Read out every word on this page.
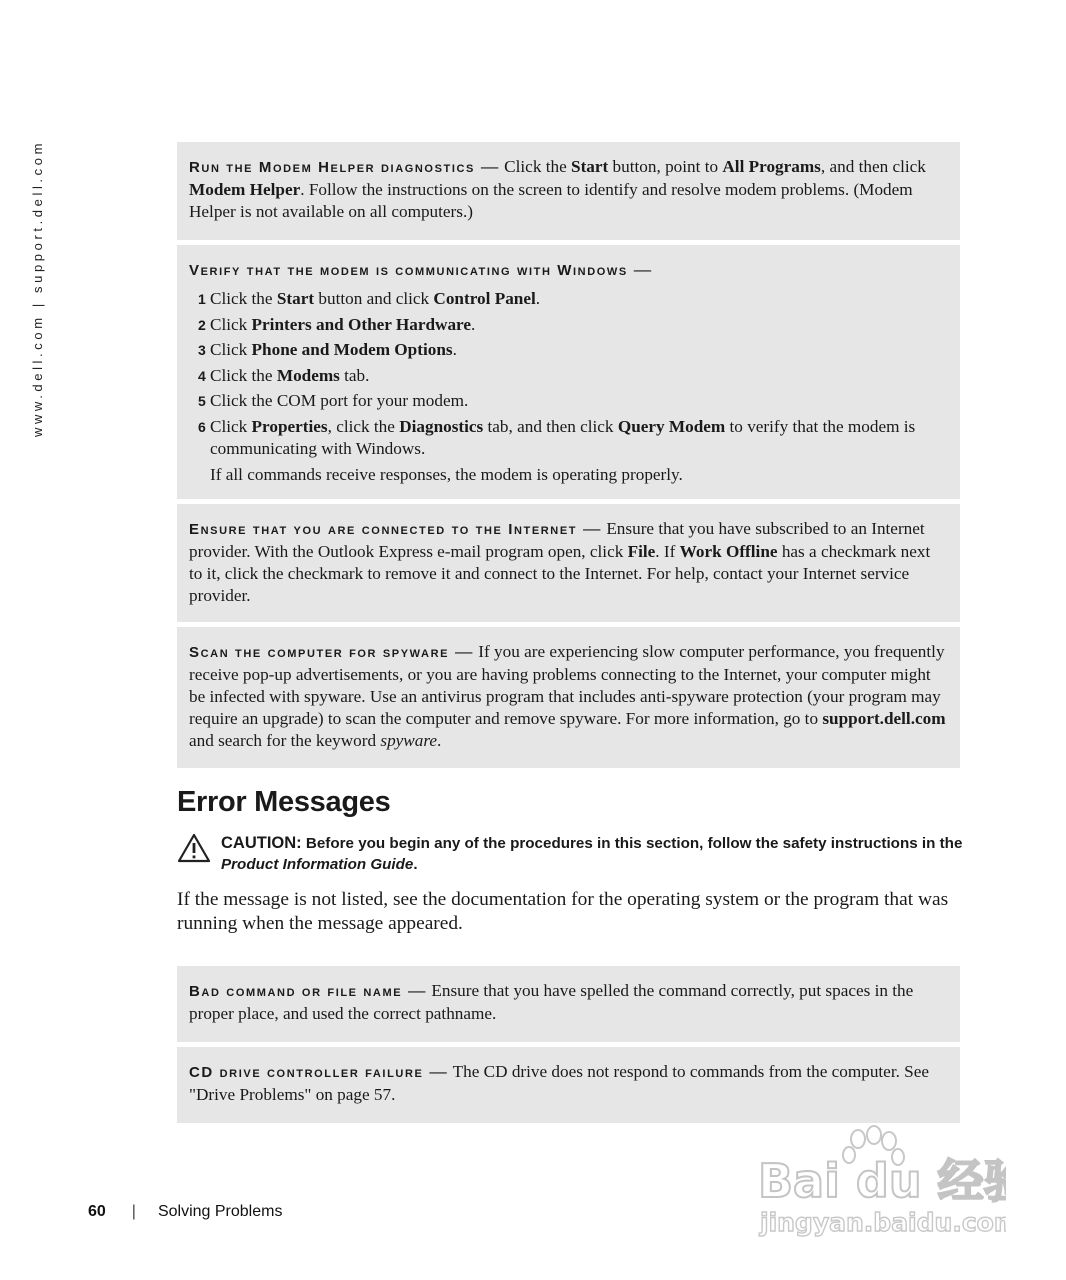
www.dell.com | support.dell.com	Run the Modem Helper diagnostics — Click the Start button, point to All Programs, and then click Modem Helper. Follow the instructions on the screen to identify and resolve modem problems. (Modem Helper is not available on all computers.)
Verify that the modem is communicating with Windows —
1 Click the Start button and click Control Panel.
2 Click Printers and Other Hardware.
3 Click Phone and Modem Options.
4 Click the Modems tab.
5 Click the COM port for your modem.
6 Click Properties, click the Diagnostics tab, and then click Query Modem to verify that the modem is communicating with Windows.
If all commands receive responses, the modem is operating properly.
Ensure that you are connected to the Internet — Ensure that you have subscribed to an Internet provider. With the Outlook Express e-mail program open, click File. If Work Offline has a checkmark next to it, click the checkmark to remove it and connect to the Internet. For help, contact your Internet service provider.
Scan the computer for spyware — If you are experiencing slow computer performance, you frequently receive pop-up advertisements, or you are having problems connecting to the Internet, your computer might be infected with spyware. Use an antivirus program that includes anti-spyware protection (your program may require an upgrade) to scan the computer and remove spyware. For more information, go to support.dell.com and search for the keyword spyware.
Error Messages
CAUTION: Before you begin any of the procedures in this section, follow the safety instructions in the Product Information Guide.
If the message is not listed, see the documentation for the operating system or the program that was running when the message appeared.
Bad command or file name — Ensure that you have spelled the command correctly, put spaces in the proper place, and used the correct pathname.
CD drive controller failure — The CD drive does not respond to commands from the computer. See "Drive Problems" on page 57.
60 | Solving Problems
Bai du 经验
jingyan.baidu.com
